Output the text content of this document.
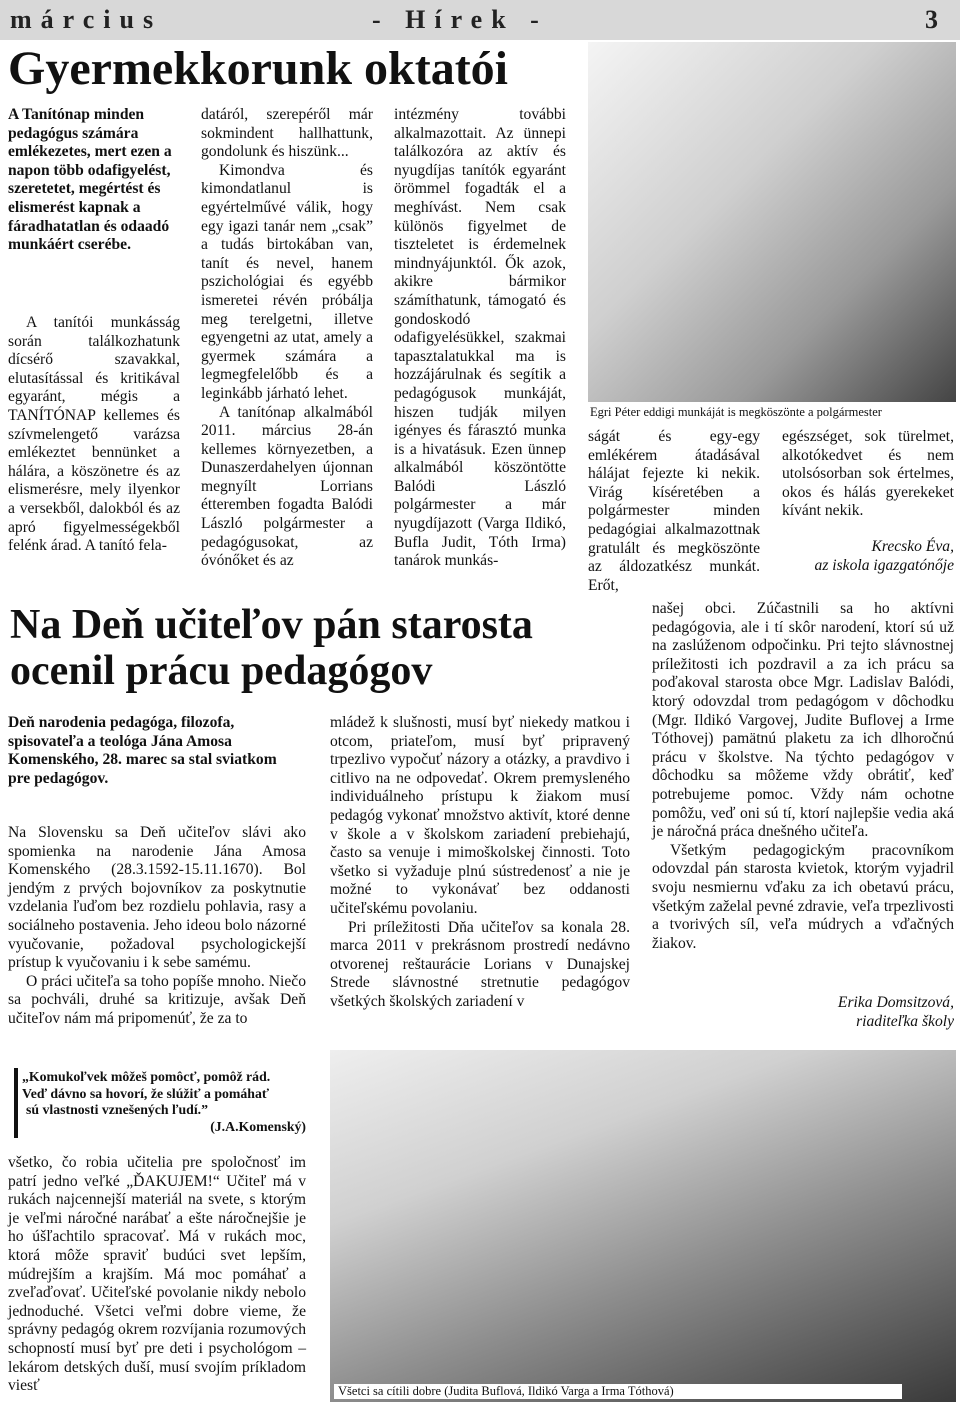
március	- Hírek -	3
Gyermekkorunk oktatói
A Tanítónap minden pedagógus számára emlékezetes, mert ezen a napon több odafigyelést, szeretetet, megértést és elismerést kapnak a fáradhatatlan és odaadó munkáért cserébe.

A tanítói munkásság során találkozhatunk dícsérő szavakkal, elutasítással és kritikával egyaránt, mégis a TANÍTÓNAP kellemes és szívmelengető varázsa emlékeztet bennünket a hálára, a köszönetre és az elismerésre, mely ilyenkor a versekből, dalokból és az apró figyelmességekből felénk árad. A tanító fela-

datáról, szerepéről már sokmindent hallhattunk, gondolunk és hiszünk...

Kimondva és kimondatlanul is egyértelművé válik, hogy egy igazi tanár nem „csak” a tudás birtokában van, tanít és nevel, hanem pszichológiai és egyébb ismeretei révén próbálja meg terelgetni, illetve egyengetni az utat, amely a gyermek számára a legmegfelelőbb és a leginkább járható lehet.

A tanítónap alkalmából 2011. március 28-án kellemes környezetben, a Dunaszerdahelyen újonnan megnyílt Lorrians étteremben fogadta Balódi László polgármester a pedagógusokat, az óvónőket és az

intézmény további alkalmazottait. Az ünnepi találkozóra az aktív és nyugdíjas tanítók egyaránt örömmel fogadták el a meghívást. Nem csak különös figyelmet de tiszteletet is érdemelnek mindnyájunktól. Ők azok, akikre bármikor számíthatunk, támogató és gondoskodó odafigyelésükkel, szakmai tapasztalatukkal ma is hozzájárulnak és segítik a pedagógusok munkáját, hiszen tudják milyen igényes és fárasztó munka is a hivatásuk. Ezen ünnep alkalmából köszöntötte Balódi László polgármester a már nyugdíjazott (Varga Ildikó, Bufla Judit, Tóth Irma) tanárok munkás-

Egri Péter eddigi munkáját is megköszönte a polgármester

ságát és egy-egy emlékérem átadásával hálájat fejezte ki nekik. Virág kíséretében a polgármester minden pedagógiai alkalmazottnak gratulált és megköszönte az áldozatkész munkát. Erőt,

egészséget, sok türelmet, alkotókedvet és nem utolsósorban sok értelmes, okos és hálás gyerekeket kívánt nekik.

Krecsko Éva,
az iskola igazgatónője
Na Deň učiteľov pán starosta
ocenil prácu pedagógov
Deň narodenia pedagóga, filozofa, spisovateľa a teológa Jána Amosa Komenského, 28. marec sa stal sviatkom pre pedagógov.

Na Slovensku sa Deň učiteľov slávi ako spomienka na narodenie Jána Amosa Komenského (28.3.1592-15.11.1670). Bol jendým z prvých bojovníkov za poskytnutie vzdelania ľuďom bez rozdielu pohlavia, rasy a sociálneho postavenia. Jeho ideou bolo názorné vyučovanie, požadoval psychologickejší prístup k vyučovaniu i k sebe samému.

O práci učiteľa sa toho popíše mnoho. Niečo sa pochváli, druhé sa kritizuje, avšak Deň učiteľov nám má pripomenúť, že za to

„Komukoľvek môžeš pomôcť, pomôž rád.
Veď dávno sa hovorí, že slúžiť a pomáhať
sú vlastnosti vznešených ľudí.”
(J.A.Komenský)

všetko, čo robia učitelia pre spoločnosť im patrí jedno veľké „ĎAKUJEM!“ Učiteľ má v rukách najcennejší materiál na svete, s ktorým je veľmi náročné narábať a ešte náročnejšie je ho úšľachtilo spracovať. Má v rukách moc, ktorá môže spraviť budúci svet lepším, múdrejším a krajším. Má moc pomáhať a zveľaďovať. Učiteľské povolanie nikdy nebolo jednoduché. Všetci veľmi dobre vieme, že správny pedagóg okrem rozvíjania rozumových schopností musí byť pre deti i psychológom – lekárom detských duší, musí svojím príkladom viesť

mládež k slušnosti, musí byť niekedy matkou i otcom, priateľom, musí byť pripravený trpezlivo vypočuť názory a otázky, a pravdivo i citlivo na ne odpovedať. Okrem premysleného individuálneho prístupu k žiakom musí pedagóg vykonať množstvo aktivít, ktoré denne v škole a v školskom zariadení prebiehajú, často sa venuje i mimoškolskej činnosti. Toto všetko si vyžaduje plnú sústredenosť a nie je možné to vykonávať bez oddanosti učiteľskému povolaniu.

Pri príležitosti Dňa učiteľov sa konala 28. marca 2011 v prekrásnom prostredí nedávno otvorenej reštaurácie Lorians v Dunajskej Strede slávnostné stretnutie pedagógov všetkých školských zariadení v

našej obci. Zúčastnili sa ho aktívni pedagógovia, ale i tí skôr narodení, ktorí sú už na zaslúženom odpočinku. Pri tejto slávnostnej príležitosti ich pozdravil a za ich prácu sa poďakoval starosta obce Mgr. Ladislav Balódi, ktorý odovzdal trom pedagógom v dôchodku (Mgr. Ildikó Vargovej, Judite Buflovej a Irme Tóthovej) pamätnú plaketu za ich dlhoročnú prácu v školstve. Na týchto pedagógov v dôchodku sa môžeme vždy obrátiť, keď potrebujeme pomoc. Vždy nám ochotne pomôžu, veď oni sú tí, ktorí najlepšie vedia aká je náročná práca dnešného učiteľa.

Všetkým pedagogickým pracovníkom odovzdal pán starosta kvietok, ktorým vyjadril svoju nesmiernu vďaku za ich obetavú prácu, všetkým zaželal pevné zdravie, veľa trpezlivosti a tvorivých síl, veľa múdrych a vďačných žiakov.

Erika Domsitzová,
riaditeľka školy
Všetci sa cítili dobre (Judita Buflová, Ildikó Varga a Irma Tóthová)
